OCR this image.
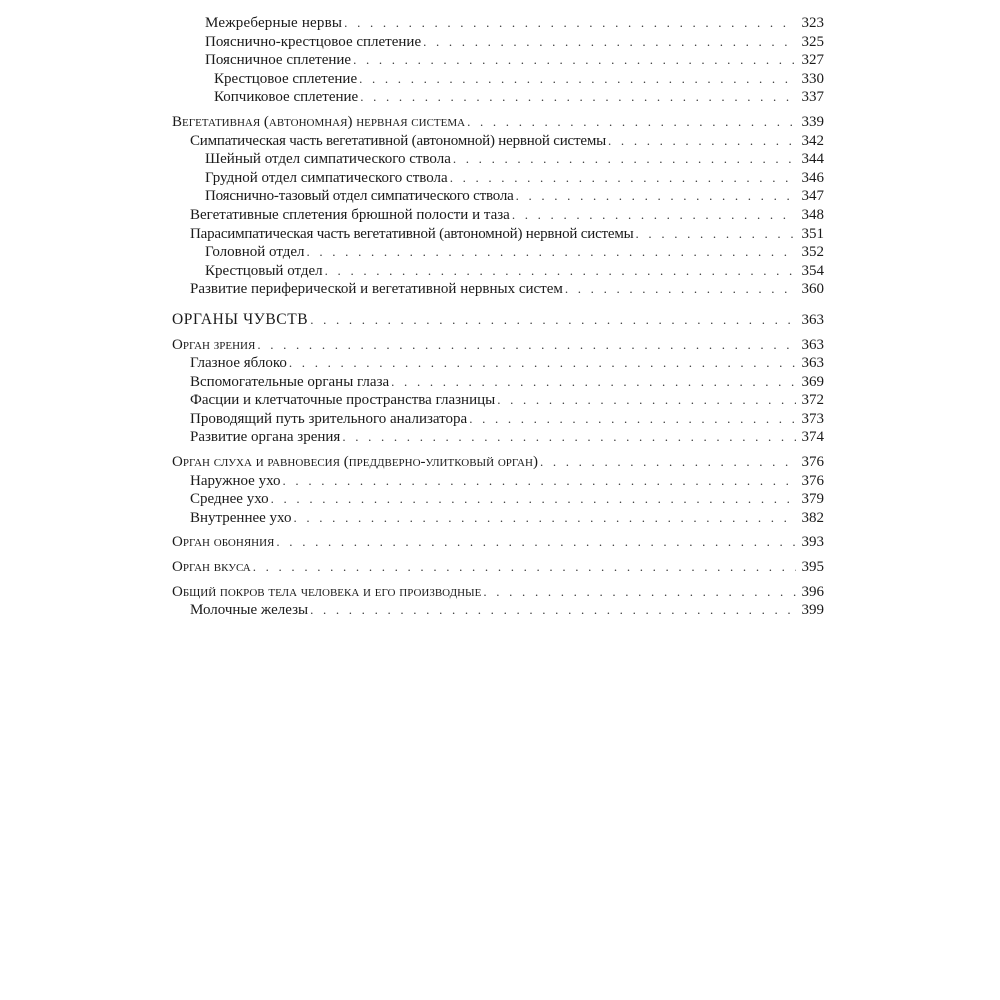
Межреберные нервы . . .	323
Пояснично-крестцовое сплетение . . .	325
Поясничное сплетение . . .	327
Крестцовое сплетение . . .	330
Копчиковое сплетение . . .	337
Вегетативная (автономная) нервная система . . .	339
Симпатическая часть вегетативной (автономной) нервной системы . . .	342
Шейный отдел симпатического ствола . . .	344
Грудной отдел симпатического ствола . . .	346
Пояснично-тазовый отдел симпатического ствола . . .	347
Вегетативные сплетения брюшной полости и таза . . .	348
Парасимпатическая часть вегетативной (автономной) нервной системы . . .	351
Головной отдел . . .	352
Крестцовый отдел . . .	354
Развитие периферической и вегетативной нервных систем . . .	360
ОРГАНЫ ЧУВСТВ . . .	363
Орган зрения . . .	363
Глазное яблоко . . .	363
Вспомогательные органы глаза . . .	369
Фасции и клетчаточные пространства глазницы . . .	372
Проводящий путь зрительного анализатора . . .	373
Развитие органа зрения . . .	374
Орган слуха и равновесия (преддверно-улитковый орган) . . .	376
Наружное ухо . . .	376
Среднее ухо . . .	379
Внутреннее ухо . . .	382
Орган обоняния . . .	393
Орган вкуса . . .	395
Общий покров тела человека и его производные . . .	396
Молочные железы . . .	399
